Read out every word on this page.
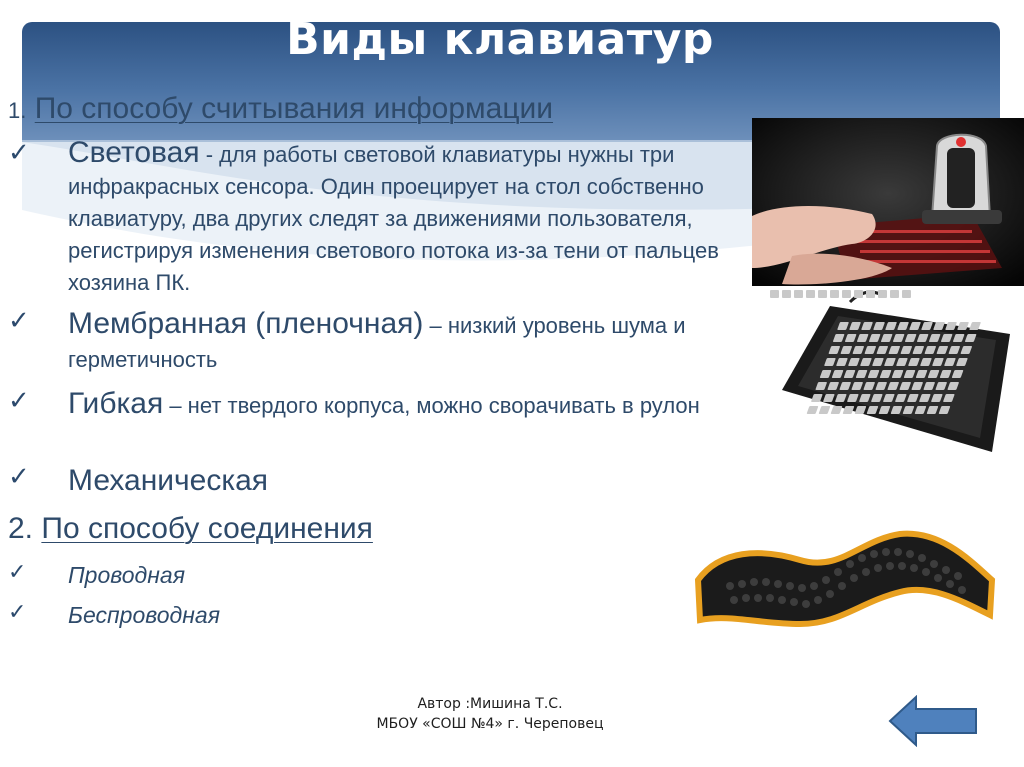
Виды клавиатур
1. По способу считывания информации
✓ Световая - для работы световой клавиатуры нужны три инфракрасных сенсора. Один проецирует на стол собственно клавиатуру, два других следят за движениями пользователя, регистрируя изменения светового потока из-за тени от пальцев хозяина ПК.
✓ Мембранная (пленочная) – низкий уровень шума и герметичность
✓ Гибкая – нет твердого корпуса, можно сворачивать в рулон
✓ Механическая
2. По способу соединения
✓ Проводная
✓ Беспроводная
Автор :Мишина Т.С.
МБОУ «СОШ №4» г. Череповец
